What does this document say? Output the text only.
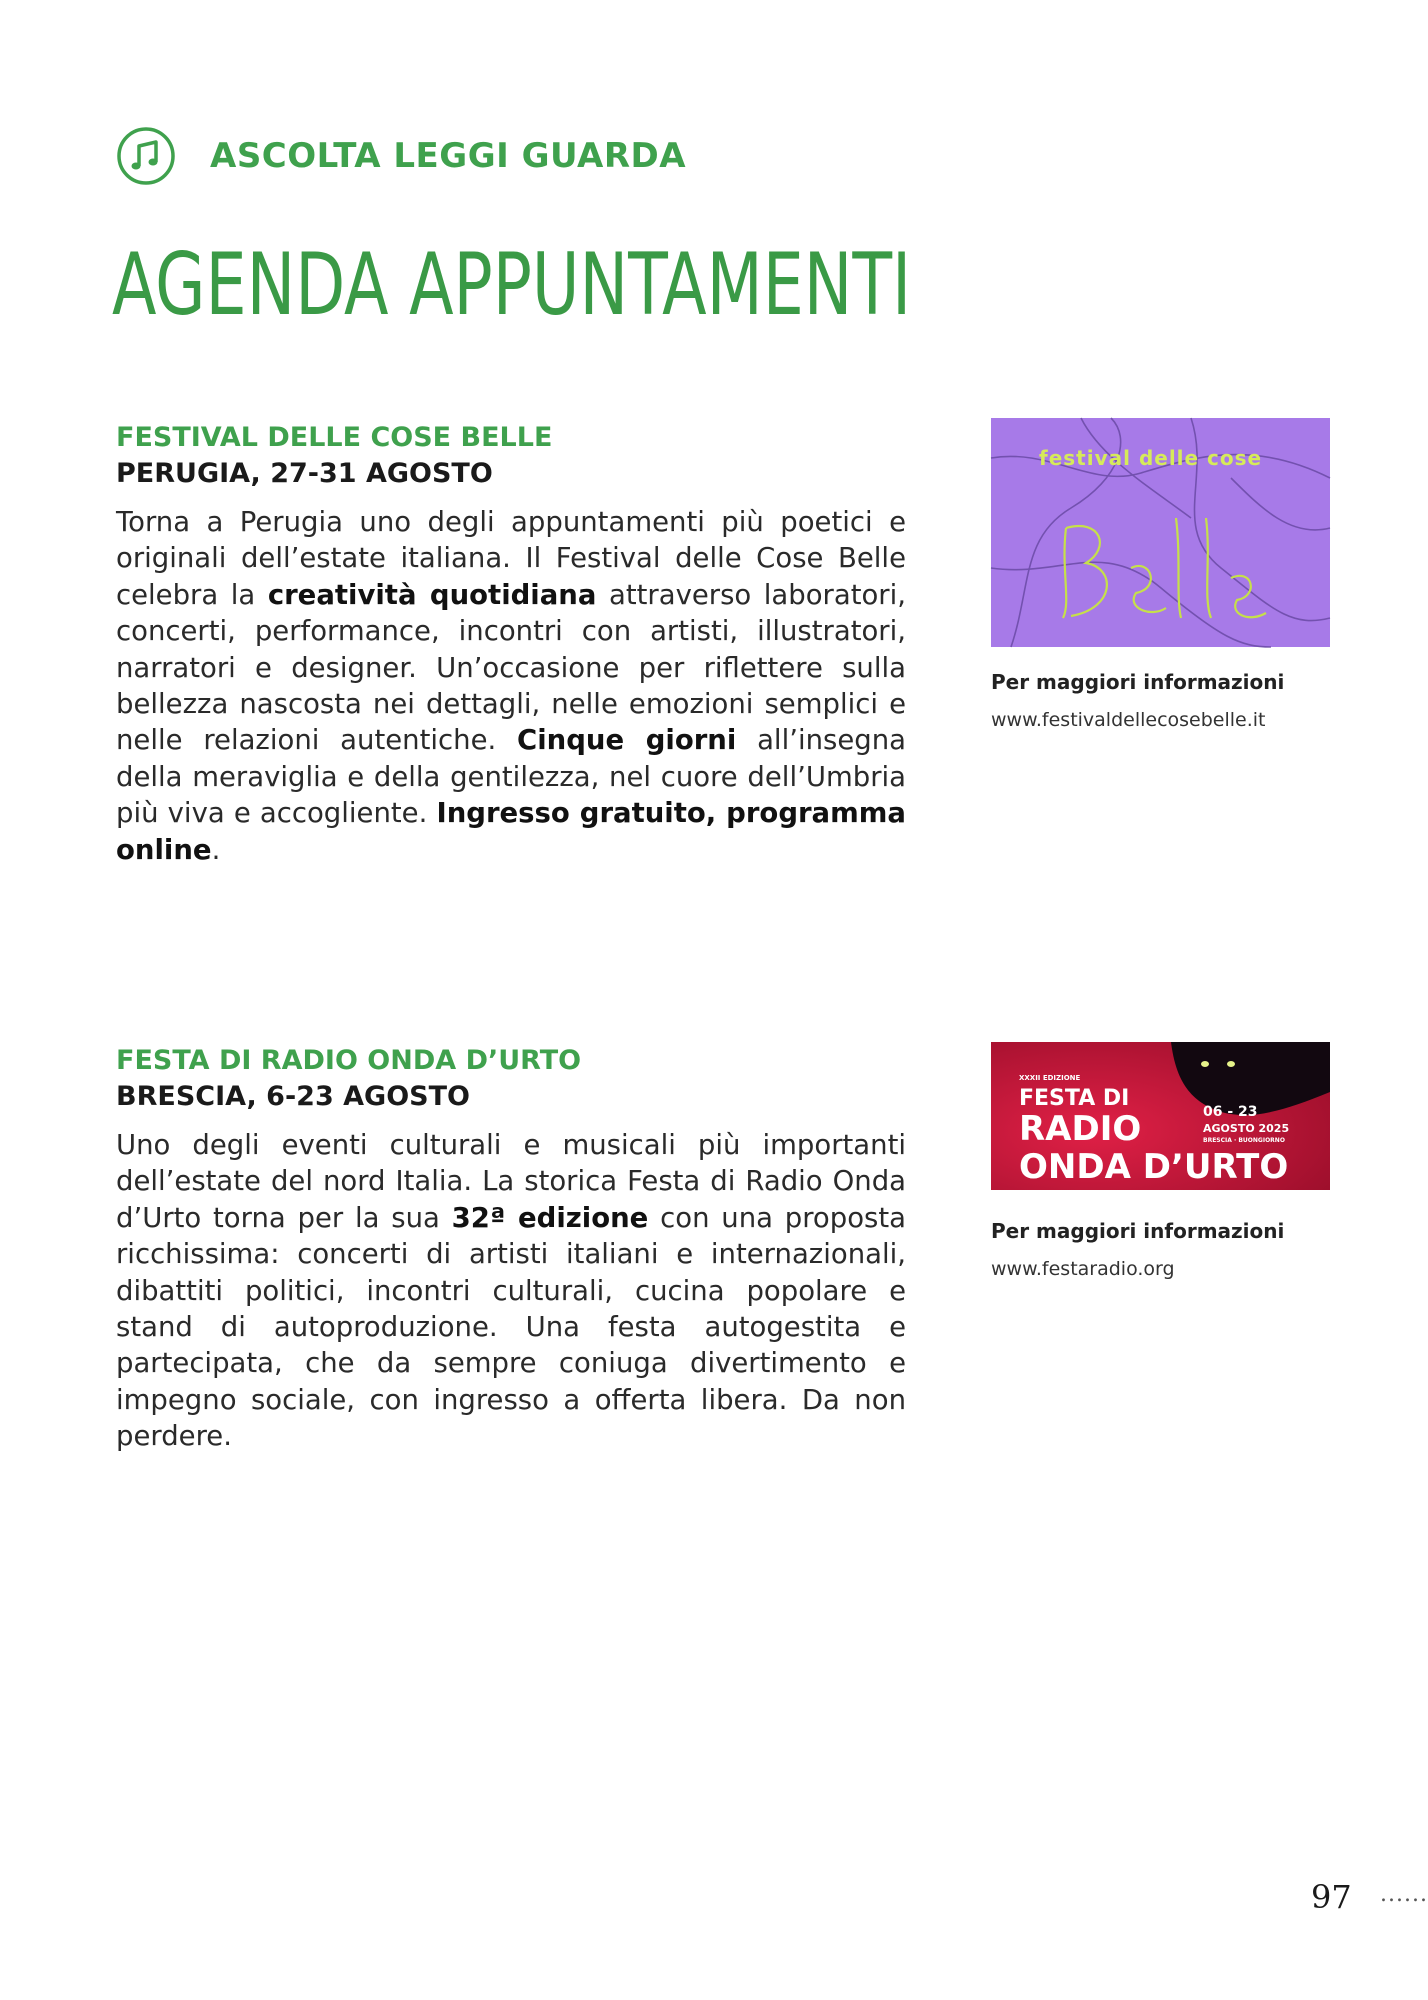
ASCOLTA LEGGI GUARDA
AGENDA APPUNTAMENTI
FESTIVAL DELLE COSE BELLE
PERUGIA, 27-31 AGOSTO

Torna a Perugia uno degli appuntamenti più poetici e originali dell’estate italiana. Il Festival delle Cose Belle celebra la creatività quotidiana attraverso laboratori, concerti, performance, incontri con artisti, illustratori, narratori e designer. Un’occasione per riflettere sulla bellezza nascosta nei dettagli, nelle emozioni semplici e nelle relazioni autentiche. Cinque giorni all’insegna della meraviglia e della gentilezza, nel cuore dell’Umbria più viva e accogliente. Ingresso gratuito, programma online.

festival delle cose
Per maggiori informazioni
www.festivaldellecosebelle.it
FESTA DI RADIO ONDA D’URTO
BRESCIA, 6-23 AGOSTO

Uno degli eventi culturali e musicali più importanti dell’estate del nord Italia. La storica Festa di Radio Onda d’Urto torna per la sua 32ª edizione con una proposta ricchissima: concerti di artisti italiani e internazionali, dibattiti politici, incontri culturali, cucina popolare e stand di autoproduzione. Una festa autogestita e partecipata, che da sempre coniuga divertimento e impegno sociale, con ingresso a offerta libera. Da non perdere.

XXXII EDIZIONE
FESTA DI
RADIO
ONDA D’URTO
06 - 23
AGOSTO 2025
BRESCIA · BUONGIORNO
Per maggiori informazioni
www.festaradio.org
97 ......
